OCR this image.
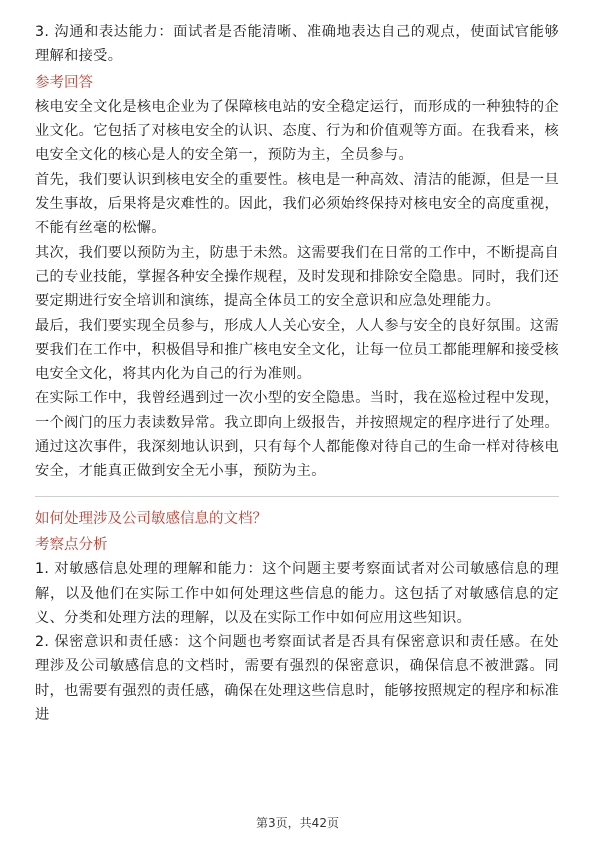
3. 沟通和表达能力：面试者是否能清晰、准确地表达自己的观点，使面试官能够理解和接受。

参考回答

核电安全文化是核电企业为了保障核电站的安全稳定运行，而形成的一种独特的企业文化。它包括了对核电安全的认识、态度、行为和价值观等方面。在我看来，核电安全文化的核心是人的安全第一，预防为主，全员参与。

首先，我们要认识到核电安全的重要性。核电是一种高效、清洁的能源，但是一旦发生事故，后果将是灾难性的。因此，我们必须始终保持对核电安全的高度重视，不能有丝毫的松懈。

其次，我们要以预防为主，防患于未然。这需要我们在日常的工作中，不断提高自己的专业技能，掌握各种安全操作规程，及时发现和排除安全隐患。同时，我们还要定期进行安全培训和演练，提高全体员工的安全意识和应急处理能力。

最后，我们要实现全员参与，形成人人关心安全，人人参与安全的良好氛围。这需要我们在工作中，积极倡导和推广核电安全文化，让每一位员工都能理解和接受核电安全文化，将其内化为自己的行为准则。

在实际工作中，我曾经遇到过一次小型的安全隐患。当时，我在巡检过程中发现，一个阀门的压力表读数异常。我立即向上级报告，并按照规定的程序进行了处理。通过这次事件，我深刻地认识到，只有每个人都能像对待自己的生命一样对待核电安全，才能真正做到安全无小事，预防为主。

如何处理涉及公司敏感信息的文档？
考察点分析

1. 对敏感信息处理的理解和能力：这个问题主要考察面试者对公司敏感信息的理解，以及他们在实际工作中如何处理这些信息的能力。这包括了对敏感信息的定义、分类和处理方法的理解，以及在实际工作中如何应用这些知识。

2. 保密意识和责任感：这个问题也考察面试者是否具有保密意识和责任感。在处理涉及公司敏感信息的文档时，需要有强烈的保密意识，确保信息不被泄露。同时，也需要有强烈的责任感，确保在处理这些信息时，能够按照规定的程序和标准进

第3页，共42页
